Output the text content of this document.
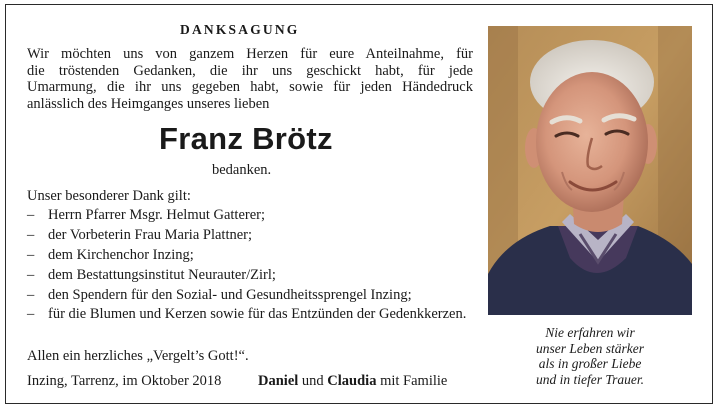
DANKSAGUNG
Wir möchten uns von ganzem Herzen für eure Anteilnahme, für
die tröstenden Gedanken, die ihr uns geschickt habt, für jede
Umarmung, die ihr uns gegeben habt, sowie für jeden Händedruck
anlässlich des Heimganges unseres lieben
Franz Brötz
bedanken.
Unser besonderer Dank gilt:
– Herrn Pfarrer Msgr. Helmut Gatterer;
– der Vorbeterin Frau Maria Plattner;
– dem Kirchenchor Inzing;
– dem Bestattungsinstitut Neurauter/Zirl;
– den Spendern für den Sozial- und Gesundheitssprengel Inzing;
– für die Blumen und Kerzen sowie für das Entzünden der Gedenkkerzen.
Allen ein herzliches „Vergelt’s Gott!“.
Inzing, Tarrenz, im Oktober 2018	Daniel und Claudia mit Familie
Nie erfahren wir
unser Leben stärker
als in großer Liebe
und in tiefer Trauer.
